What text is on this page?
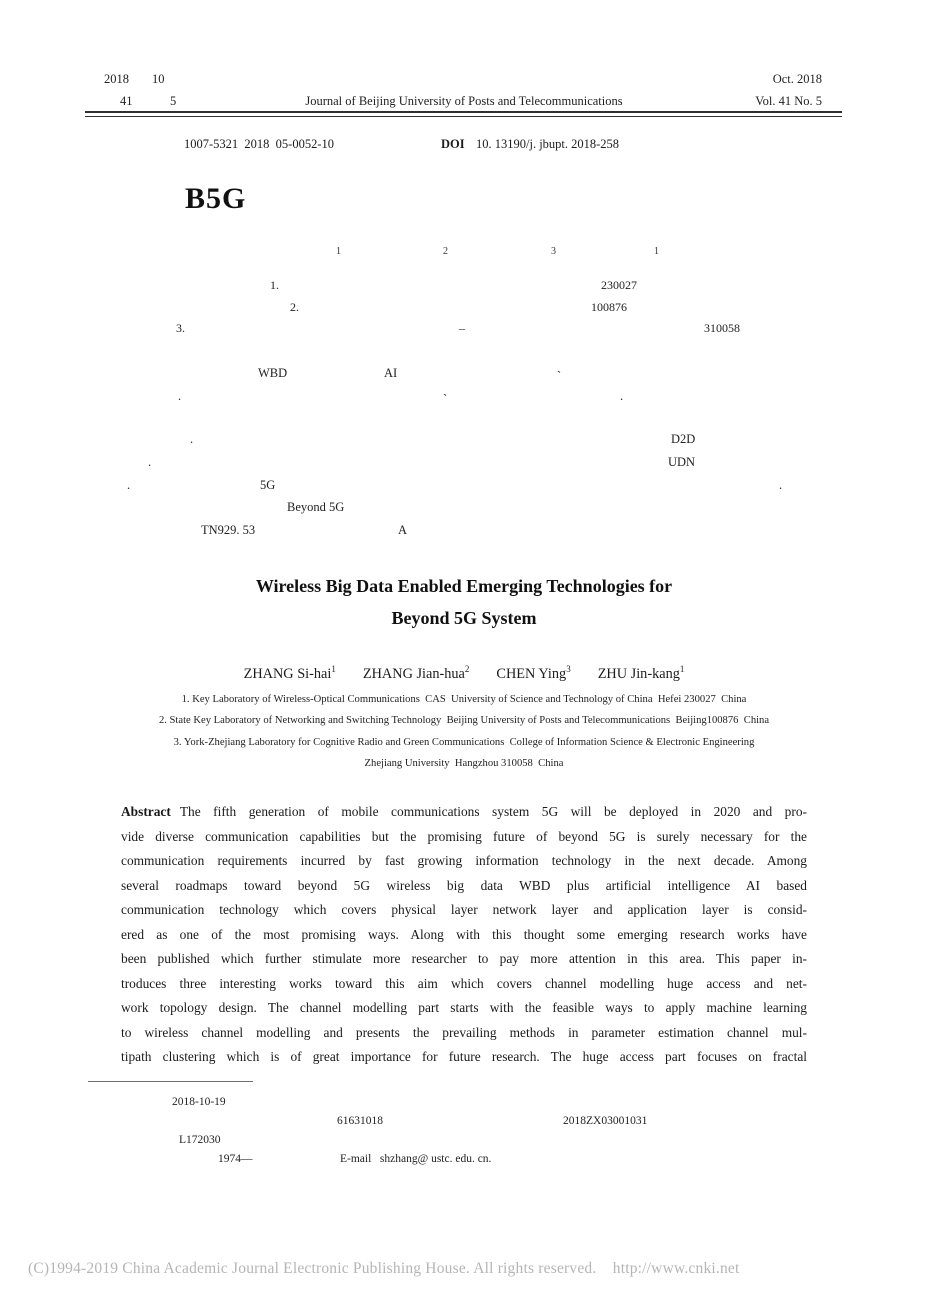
2018 10	Oct. 2018
41	5	Journal of Beijing University of Posts and Telecommunications	Vol. 41 No. 5
1007-5321  2018  05-0052-10	DOI 10. 13190/j. jbupt. 2018-258
B5G
1	2	3	1
1.	230027
2.	100876
3.	–	310058
WBD	AI	`
.	`	.
.	D2D
.	UDN
.	5G	.
Beyond 5G
TN929. 53	A
Wireless Big Data Enabled Emerging Technologies for
Beyond 5G System
ZHANG Si-hai$^1$ ZHANG Jian-hua$^2$ CHEN Ying$^3$ ZHU Jin-kang$^1$
1. Key Laboratory of Wireless-Optical Communications  CAS  University of Science and Technology of China  Hefei 230027  China
2. State Key Laboratory of Networking and Switching Technology  Beijing University of Posts and Telecommunications  Beijing100876  China
3. York-Zhejiang Laboratory for Cognitive Radio and Green Communications  College of Information Science & Electronic Engineering
Zhejiang University  Hangzhou 310058  China
Abstract The fifth generation of mobile communications system 5G will be deployed in 2020 and pro-
vide diverse communication capabilities but the promising future of beyond 5G is surely necessary for the
communication requirements incurred by fast growing information technology in the next decade. Among
several roadmaps toward beyond 5G wireless big data WBD plus artificial intelligence AI based
communication technology which covers physical layer network layer and application layer is consid-
ered as one of the most promising ways. Along with this thought some emerging research works have
been published which further stimulate more researcher to pay more attention in this area. This paper in-
troduces three interesting works toward this aim which covers channel modelling huge access and net-
work topology design. The channel modelling part starts with the feasible ways to apply machine learning
to wireless channel modelling and presents the prevailing methods in parameter estimation channel mul-
tipath clustering which is of great importance for future research. The huge access part focuses on fractal
2018-10-19
61631018	2018ZX03001031
L172030
1974—	E-mail   shzhang@ ustc. edu. cn.
(C)1994-2019 China Academic Journal Electronic Publishing House. All rights reserved.    http://www.cnki.net
